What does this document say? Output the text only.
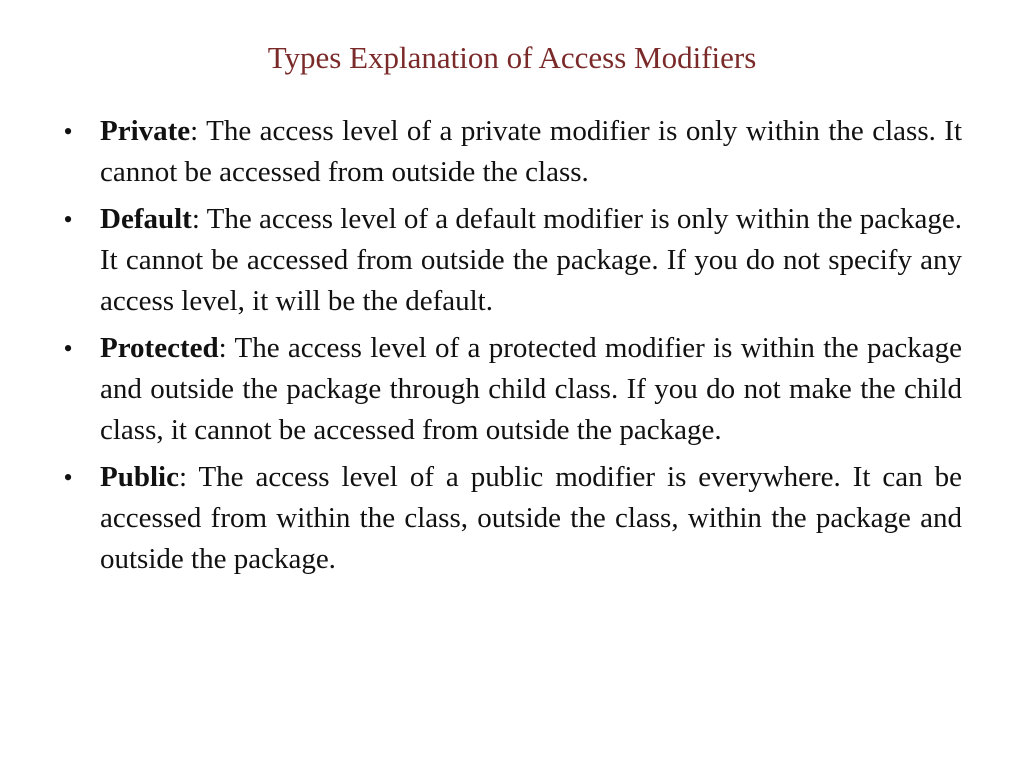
Types Explanation of Access Modifiers
• Private: The access level of a private modifier is only within the class. It cannot be accessed from outside the class.
• Default: The access level of a default modifier is only within the package. It cannot be accessed from outside the package. If you do not specify any access level, it will be the default.
• Protected: The access level of a protected modifier is within the package and outside the package through child class. If you do not make the child class, it cannot be accessed from outside the package.
• Public: The access level of a public modifier is everywhere. It can be accessed from within the class, outside the class, within the package and outside the package.
